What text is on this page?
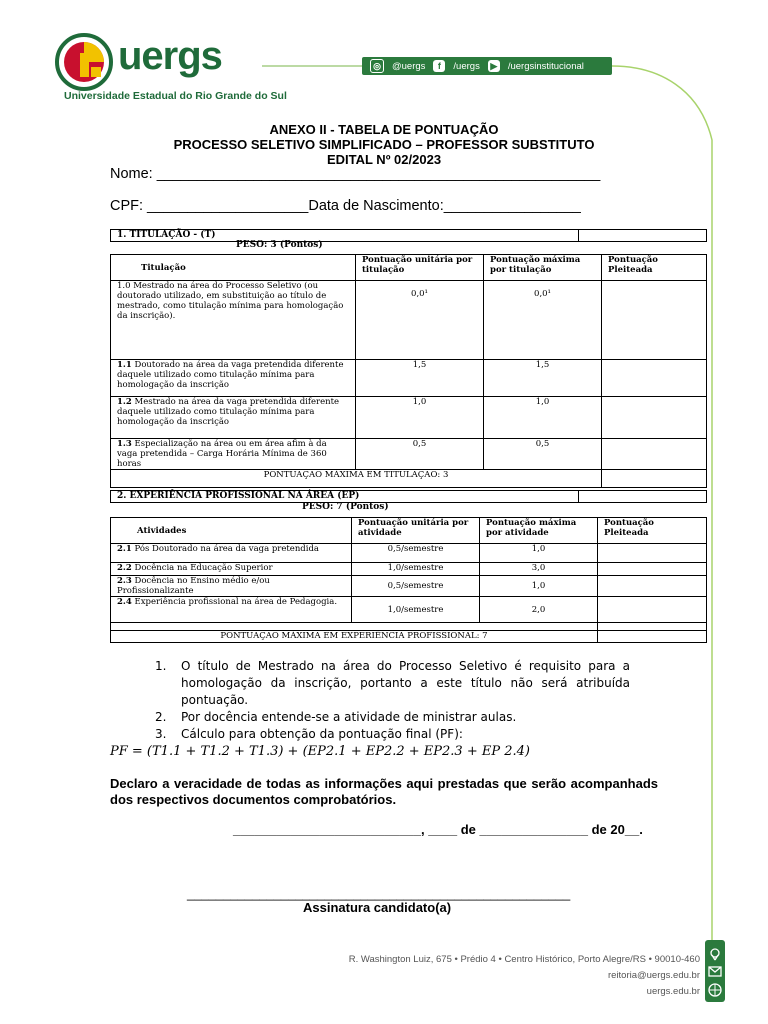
uergs
Universidade Estadual do Rio Grande do Sul
◎	@uergs	f	/uergs ▶ /uergsinstitucional
ANEXO II - TABELA DE PONTUAÇÃO
PROCESSO SELETIVO SIMPLIFICADO – PROFESSOR SUBSTITUTO
EDITAL Nº 02/2023
Nome: _______________________________________________________
CPF: ____________________Data de Nascimento:_________________
1. TITULAÇÃO - (T)	
PESO: 3 (Pontos)
Titulação	Pontuação unitária por titulação	Pontuação máxima por titulação	Pontuação Pleiteada
1.0 Mestrado na área do Processo Seletivo (ou doutorado utilizado, em substituição ao título de mestrado, como titulação mínima para homologação da inscrição).	0,0¹	0,0¹	
1.1 Doutorado na área da vaga pretendida diferente daquele utilizado como titulação mínima para homologação da inscrição	1,5	1,5	
1.2 Mestrado na área da vaga pretendida diferente daquele utilizado como titulação mínima para homologação da inscrição	1,0	1,0	
1.3 Especialização na área ou em área afim à da vaga pretendida – Carga Horária Mínima de 360 horas	0,5	0,5	
PONTUAÇÃO MÁXIMA EM TITULAÇÃO: 3			
2. EXPERIÊNCIA PROFISSIONAL NA ÁREA (EP)	
PESO: 7 (Pontos)
Atividades	Pontuação unitária por atividade	Pontuação máxima por atividade	Pontuação Pleiteada
2.1 Pós Doutorado na área da vaga pretendida	0,5/semestre	1,0	
2.2 Docência na Educação Superior	1,0/semestre	3,0	
2.3 Docência no Ensino médio e/ou Profissionalizante	0,5/semestre	1,0	
2.4 Experiência profissional na área de Pedagogia.	1,0/semestre	2,0	

PONTUAÇÃO MÁXIMA EM EXPERIÊNCIA PROFISSIONAL: 7			
1.	O título de Mestrado na área do Processo Seletivo é requisito para a homologação da inscrição, portanto a este título não será atribuída pontuação.
2.	Por docência entende-se a atividade de ministrar aulas.
3.	Cálculo para obtenção da pontuação final (PF):
PF = (T1.1 + T1.2 + T1.3) + (EP2.1 + EP2.2 + EP2.3 + EP 2.4)
Declaro a veracidade de todas as informações aqui prestadas que serão acompanhads dos respectivos documentos comprobatórios.
__________________________, ____ de _______________ de 20__.
_____________________________________________________
Assinatura candidato(a)
R. Washington Luiz, 675 • Prédio 4 • Centro Histórico, Porto Alegre/RS • 90010-460
reitoria@uergs.edu.br
uergs.edu.br
